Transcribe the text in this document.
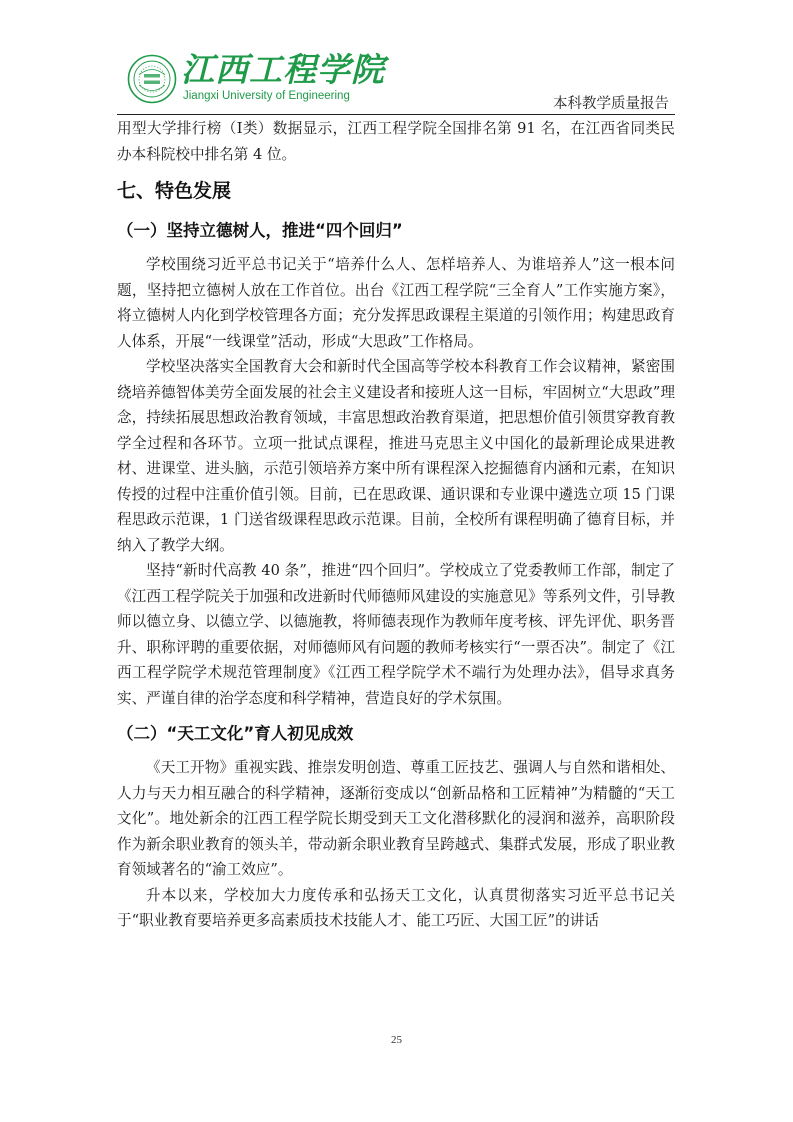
江西工程学院
Jiangxi University of Engineering	本科教学质量报告

用型大学排行榜（Ⅰ类）数据显示，江西工程学院全国排名第 91 名，在江西省同类民办本科院校中排名第 4 位。

七、特色发展
（一）坚持立德树人，推进“四个回归”

学校围绕习近平总书记关于“培养什么人、怎样培养人、为谁培养人”这一根本问题，坚持把立德树人放在工作首位。出台《江西工程学院“三全育人”工作实施方案》，将立德树人内化到学校管理各方面；充分发挥思政课程主渠道的引领作用；构建思政育人体系，开展“一线课堂”活动，形成“大思政”工作格局。

学校坚决落实全国教育大会和新时代全国高等学校本科教育工作会议精神，紧密围绕培养德智体美劳全面发展的社会主义建设者和接班人这一目标，牢固树立“大思政”理念，持续拓展思想政治教育领域，丰富思想政治教育渠道，把思想价值引领贯穿教育教学全过程和各环节。立项一批试点课程，推进马克思主义中国化的最新理论成果进教材、进课堂、进头脑，示范引领培养方案中所有课程深入挖掘德育内涵和元素，在知识传授的过程中注重价值引领。目前，已在思政课、通识课和专业课中遴选立项 15 门课程思政示范课，1 门送省级课程思政示范课。目前，全校所有课程明确了德育目标，并纳入了教学大纲。

坚持“新时代高教 40 条”，推进“四个回归”。学校成立了党委教师工作部，制定了《江西工程学院关于加强和改进新时代师德师风建设的实施意见》等系列文件，引导教师以德立身、以德立学、以德施教，将师德表现作为教师年度考核、评先评优、职务晋升、职称评聘的重要依据，对师德师风有问题的教师考核实行“一票否决”。制定了《江西工程学院学术规范管理制度》《江西工程学院学术不端行为处理办法》，倡导求真务实、严谨自律的治学态度和科学精神，营造良好的学术氛围。

（二）“天工文化”育人初见成效

《天工开物》重视实践、推崇发明创造、尊重工匠技艺、强调人与自然和谐相处、人力与天力相互融合的科学精神，逐渐衍变成以“创新品格和工匠精神”为精髓的“天工文化”。地处新余的江西工程学院长期受到天工文化潜移默化的浸润和滋养，高职阶段作为新余职业教育的领头羊，带动新余职业教育呈跨越式、集群式发展，形成了职业教育领域著名的“渝工效应”。

升本以来，学校加大力度传承和弘扬天工文化，认真贯彻落实习近平总书记关于“职业教育要培养更多高素质技术技能人才、能工巧匠、大国工匠”的讲话

25
